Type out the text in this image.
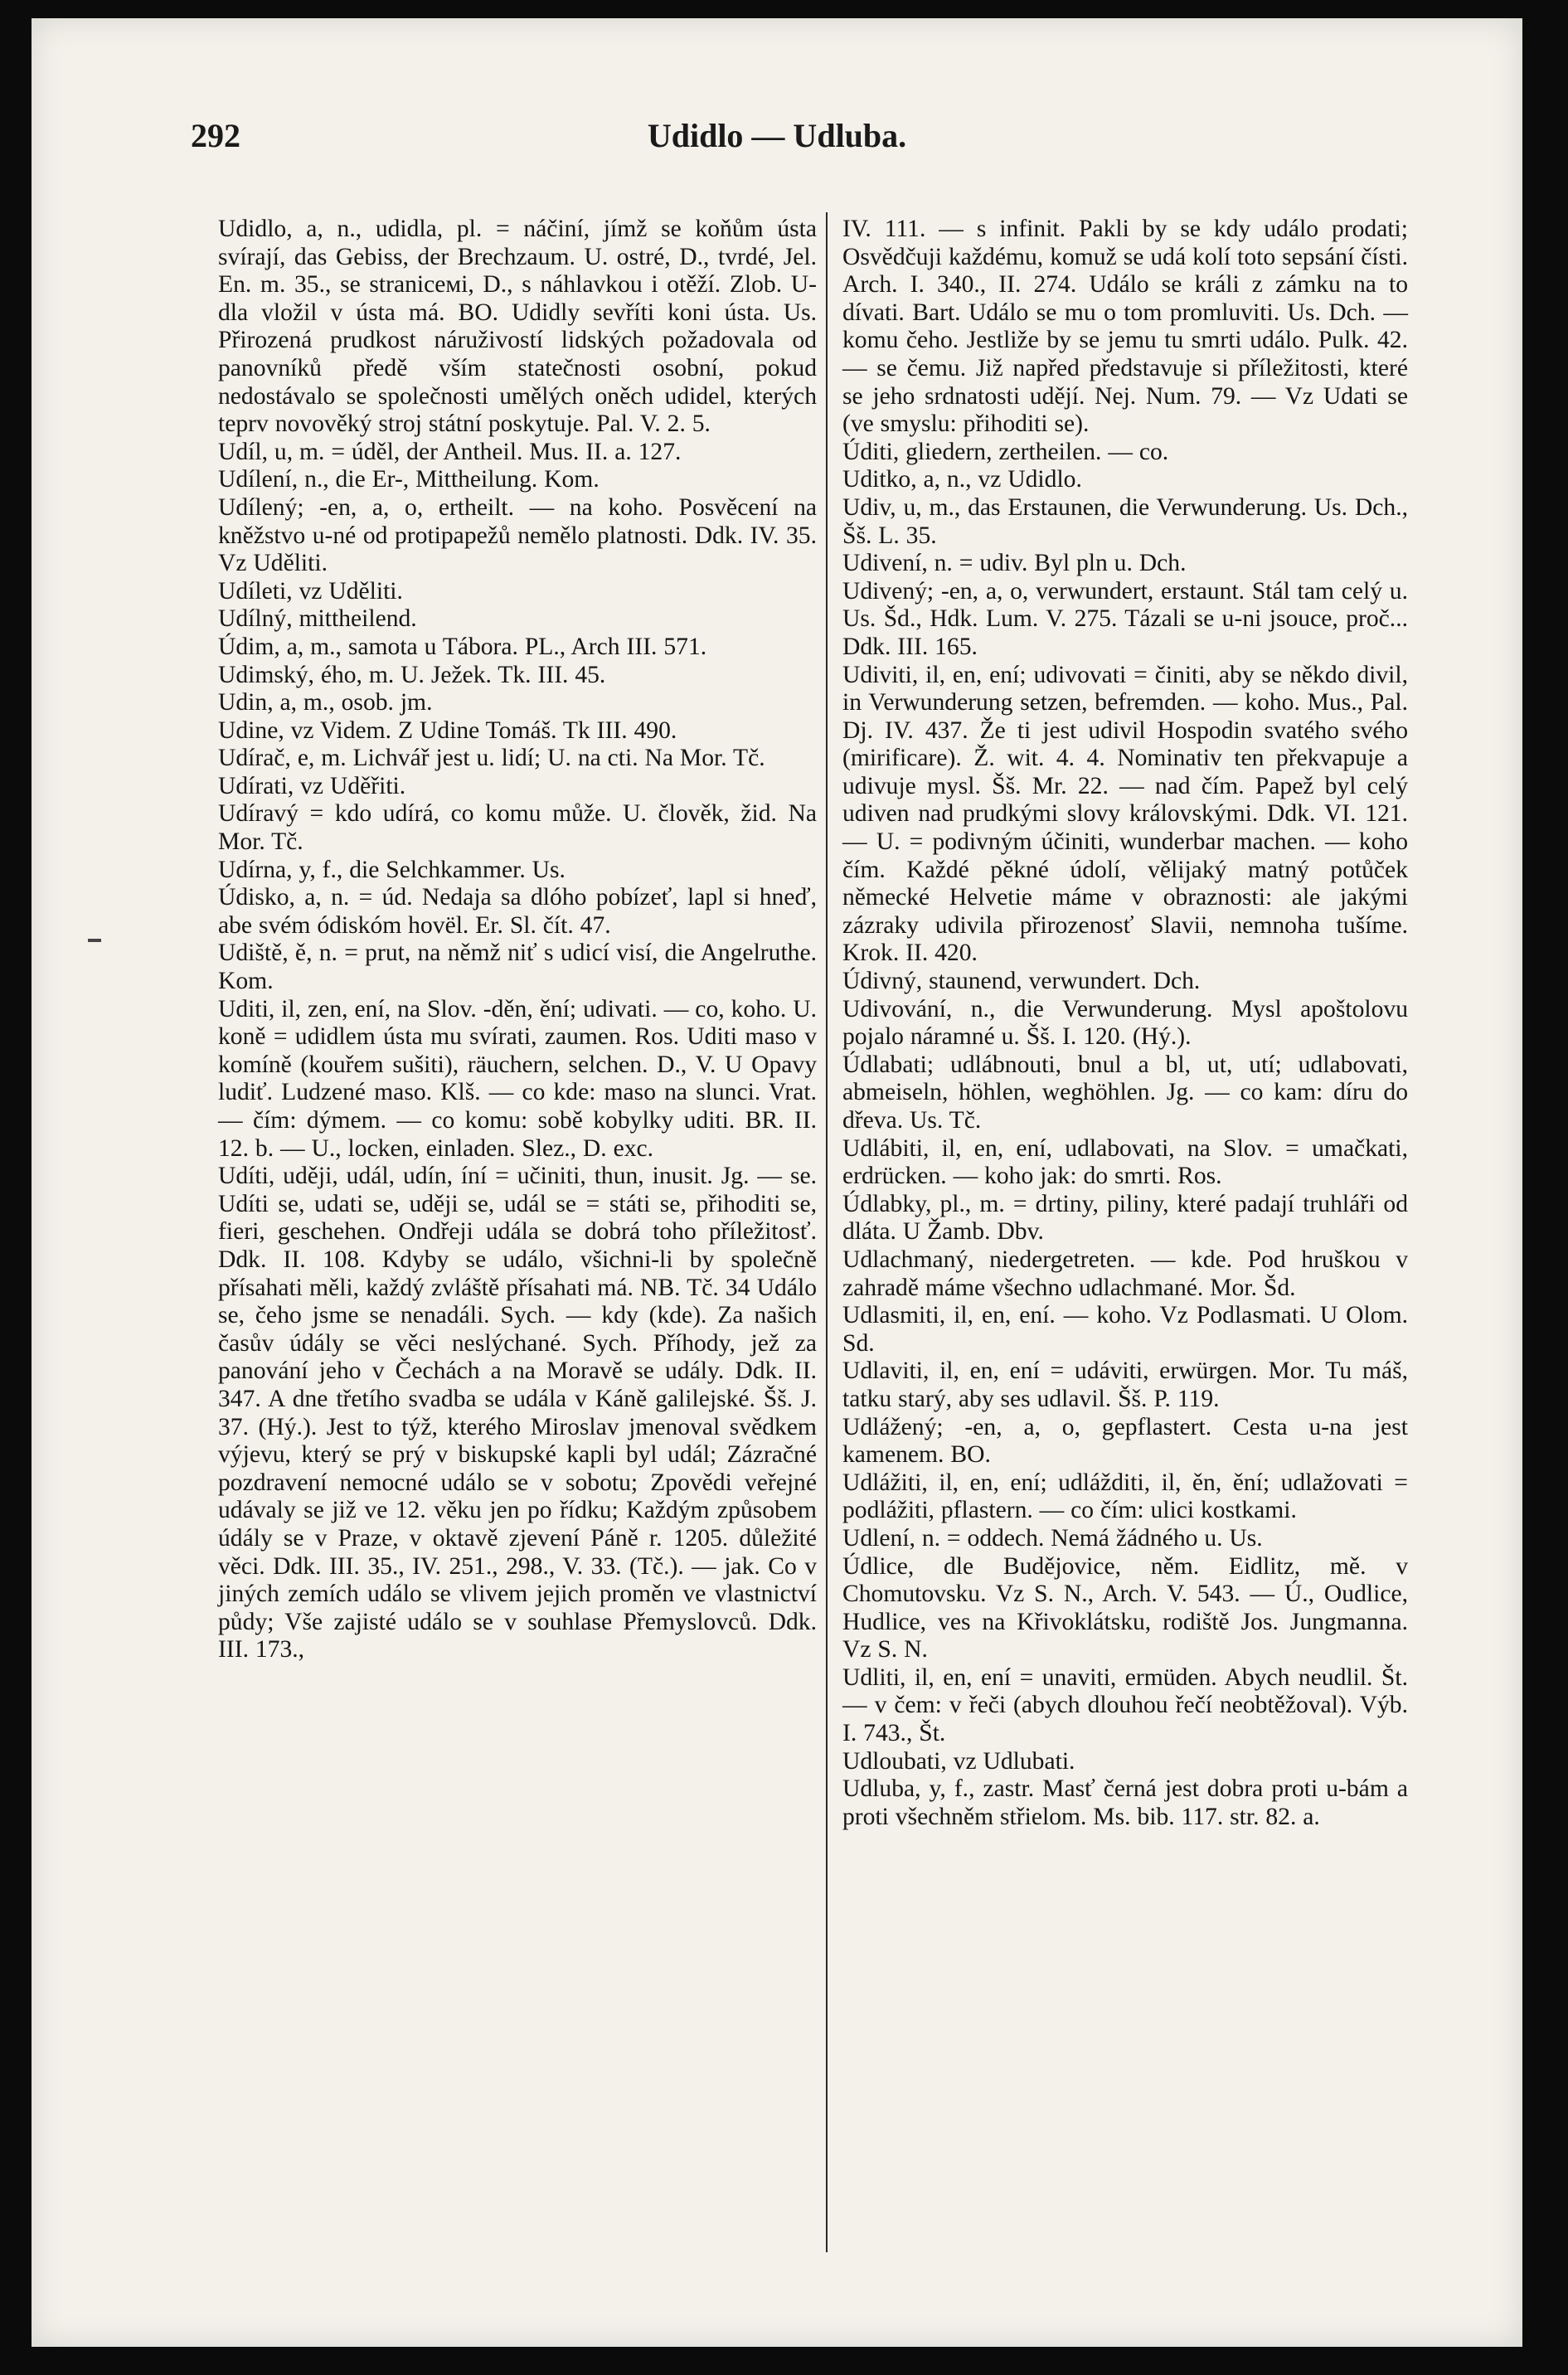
292	Udidlo — Udluba.

Udidlo, a, n., udidla, pl. = náčiní, jímž se koňům ústa svírají, das Gebiss, der Brechzaum. U. ostré, D., tvrdé, Jel. En. m. 35., se straniceмi, D., s náhlavkou i otěží. Zlob. U-dla vložil v ústa má. BO. Udidly sevříti koni ústa. Us. Přirozená prudkost náruživostí lidských požadovala od panovníků předě vším statečnosti osobní, pokud nedostávalo se společnosti umělých oněch udidel, kterých teprv novověký stroj státní poskytuje. Pal. V. 2. 5.

Udíl, u, m. = úděl, der Antheil. Mus. II. a. 127.

Udílení, n., die Er-, Mittheilung. Kom.

Udílený; -en, a, o, ertheilt. — na koho. Posvěcení na kněžstvo u-né od protipapežů nemělo platnosti. Ddk. IV. 35. Vz Uděliti.

Udíleti, vz Uděliti.

Udílný, mittheilend.

Údim, a, m., samota u Tábora. PL., Arch III. 571.

Udimský, ého, m. U. Ježek. Tk. III. 45.

Udin, a, m., osob. jm.

Udine, vz Videm. Z Udine Tomáš. Tk III. 490.

Udírač, e, m. Lichvář jest u. lidí; U. na cti. Na Mor. Tč.

Udírati, vz Uděřiti.

Udíravý = kdo udírá, co komu může. U. člověk, žid. Na Mor. Tč.

Udírna, y, f., die Selchkammer. Us.

Údisko, a, n. = úd. Nedaja sa dlóho pobízeť, lapl si hneď, abe svém ódiskóm hovël. Er. Sl. čít. 47.

Udiště, ě, n. = prut, na němž niť s udicí visí, die Angelruthe. Kom.

Uditi, il, zen, ení, na Slov. -děn, ění; udivati. — co, koho. U. koně = udidlem ústa mu svírati, zaumen. Ros. Uditi maso v komíně (kouřem sušiti), räuchern, selchen. D., V. U Opavy ludiť. Ludzené maso. Klš. — co kde: maso na slunci. Vrat. — čím: dýmem. — co komu: sobě kobylky uditi. BR. II. 12. b. — U., locken, einladen. Slez., D. exc.

Udíti, uději, udál, udín, íní = učiniti, thun, inusit. Jg. — se. Udíti se, udati se, uději se, udál se = státi se, přihoditi se, fieri, geschehen. Ondřeji udála se dobrá toho příležitosť. Ddk. II. 108. Kdyby se událo, všichni-li by společně přísahati měli, každý zvláště přísahati má. NB. Tč. 34 Událo se, čeho jsme se nenadáli. Sych. — kdy (kde). Za našich časův údály se věci neslýchané. Sych. Příhody, jež za panování jeho v Čechách a na Moravě se udály. Ddk. II. 347. A dne třetího svadba se udála v Káně galilejské. Šš. J. 37. (Hý.). Jest to týž, kterého Miroslav jmenoval svědkem výjevu, který se prý v biskupské kapli byl udál; Zázračné pozdravení nemocné událo se v sobotu; Zpovědi veřejné udávaly se již ve 12. věku jen po řídku; Každým způsobem údály se v Praze, v oktavě zjevení Páně r. 1205. důležité věci. Ddk. III. 35., IV. 251., 298., V. 33. (Tč.). — jak. Co v jiných zemích událo se vlivem jejich proměn ve vlastnictví půdy; Vše zajisté událo se v souhlase Přemyslovců. Ddk. III. 173.,

IV. 111. — s infinit. Pakli by se kdy událo prodati; Osvědčuji každému, komuž se udá kolí toto sepsání čísti. Arch. I. 340., II. 274. Událo se králi z zámku na to dívati. Bart. Událo se mu o tom promluviti. Us. Dch. — komu čeho. Jestliže by se jemu tu smrti událo. Pulk. 42. — se čemu. Již napřed představuje si příležitosti, které se jeho srdnatosti udějí. Nej. Num. 79. — Vz Udati se (ve smyslu: přihoditi se).

Úditi, gliedern, zertheilen. — co.

Uditko, a, n., vz Udidlo.

Udiv, u, m., das Erstaunen, die Verwunderung. Us. Dch., Šš. L. 35.

Udivení, n. = udiv. Byl pln u. Dch.

Udivený; -en, a, o, verwundert, erstaunt. Stál tam celý u. Us. Šd., Hdk. Lum. V. 275. Tázali se u-ni jsouce, proč... Ddk. III. 165.

Udiviti, il, en, ení; udivovati = činiti, aby se někdo divil, in Verwunderung setzen, befremden. — koho. Mus., Pal. Dj. IV. 437. Že ti jest udivil Hospodin svatého svého (mirificare). Ž. wit. 4. 4. Nominativ ten překvapuje a udivuje mysl. Šš. Mr. 22. — nad čím. Papež byl celý udiven nad prudkými slovy královskými. Ddk. VI. 121. — U. = podivným účiniti, wunderbar machen. — koho čím. Každé pěkné údolí, vělijaký matný potůček německé Helvetie máme v obraznosti: ale jakými zázraky udivila přirozenosť Slavii, nemnoha tušíme. Krok. II. 420.

Údivný, staunend, verwundert. Dch.

Udivování, n., die Verwunderung. Mysl apoštolovu pojalo náramné u. Šš. I. 120. (Hý.).

Údlabati; udlábnouti, bnul a bl, ut, utí; udlabovati, abmeiseln, höhlen, weghöhlen. Jg. — co kam: díru do dřeva. Us. Tč.

Udlábiti, il, en, ení, udlabovati, na Slov. = umačkati, erdrücken. — koho jak: do smrti. Ros.

Údlabky, pl., m. = drtiny, piliny, které padají truhláři od dláta. U Žamb. Dbv.

Udlachmaný, niedergetreten. — kde. Pod hruškou v zahradě máme všechno udlachmané. Mor. Šd.

Udlasmiti, il, en, ení. — koho. Vz Podlasmati. U Olom. Sd.

Udlaviti, il, en, ení = udáviti, erwürgen. Mor. Tu máš, tatku starý, aby ses udlavil. Šš. P. 119.

Udlážený; -en, a, o, gepflastert. Cesta u-na jest kamenem. BO.

Udlážiti, il, en, ení; udlážditi, il, ěn, ění; udlažovati = podlážiti, pflastern. — co čím: ulici kostkami.

Udlení, n. = oddech. Nemá žádného u. Us.

Údlice, dle Budějovice, něm. Eidlitz, mě. v Chomutovsku. Vz S. N., Arch. V. 543. — Ú., Oudlice, Hudlice, ves na Křivoklátsku, rodiště Jos. Jungmanna. Vz S. N.

Udliti, il, en, ení = unaviti, ermüden. Abych neudlil. Št. — v čem: v řeči (abych dlouhou řečí neobtěžoval). Výb. I. 743., Št.

Udloubati, vz Udlubati.

Udluba, y, f., zastr. Masť černá jest dobra proti u-bám a proti všechněm střielom. Ms. bib. 117. str. 82. a.
